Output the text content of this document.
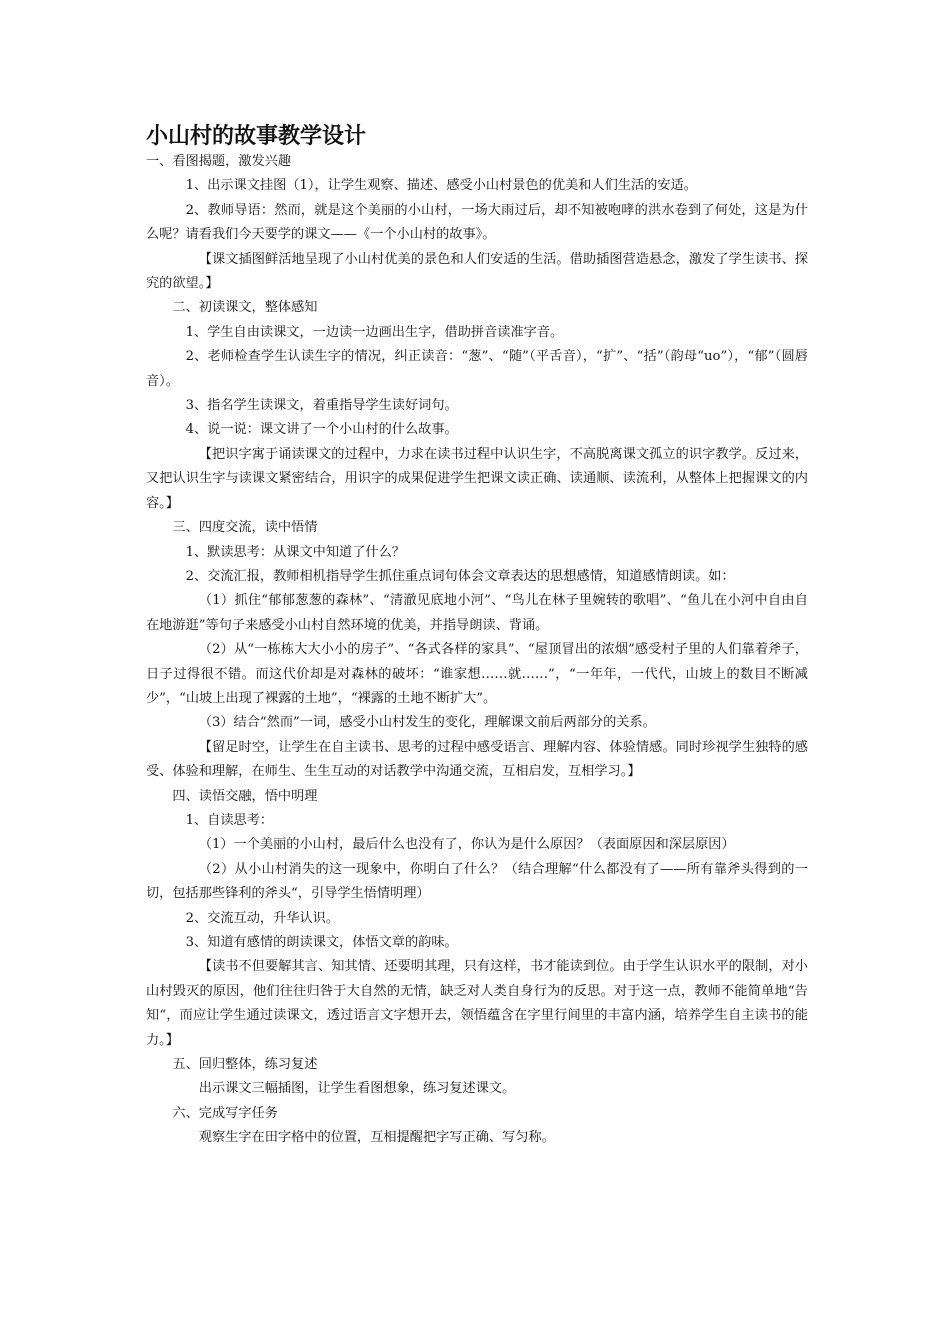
小山村的故事教学设计

一、看图揭题，激发兴趣

1、出示课文挂图（1），让学生观察、描述、感受小山村景色的优美和人们生活的安适。

2、教师导语：然而，就是这个美丽的小山村，一场大雨过后，却不知被咆哮的洪水卷到了何处，这是为什么呢？请看我们今天要学的课文——《一个小山村的故事》。

【课文插图鲜活地呈现了小山村优美的景色和人们安适的生活。借助插图营造悬念，激发了学生读书、探究的欲望。】

二、初读课文，整体感知

1、学生自由读课文，一边读一边画出生字，借助拼音读准字音。

2、老师检查学生认读生字的情况，纠正读音：“葱”、“随”（平舌音），“扩”、“括”（韵母“uo”），“郁”（圆唇音）。

3、指名学生读课文，着重指导学生读好词句。

4、说一说：课文讲了一个小山村的什么故事。

【把识字寓于诵读课文的过程中，力求在读书过程中认识生字，不高脱离课文孤立的识字教学。反过来，又把认识生字与读课文紧密结合，用识字的成果促进学生把课文读正确、读通顺、读流利，从整体上把握课文的内容。】

三、四度交流，读中悟情

1、默读思考：从课文中知道了什么？

2、交流汇报，教师相机指导学生抓住重点词句体会文章表达的思想感情，知道感情朗读。如：

（1）抓住“郁郁葱葱的森林”、“清澈见底地小河”、“鸟儿在林子里婉转的歌唱”、“鱼儿在小河中自由自在地游逛”等句子来感受小山村自然环境的优美，并指导朗读、背诵。

（2）从“一栋栋大大小小的房子”、“各式各样的家具”、“屋顶冒出的浓烟”感受村子里的人们靠着斧子，日子过得很不错。而这代价却是对森林的破坏：“谁家想……就……”，“一年年，一代代，山坡上的数目不断减少”，“山坡上出现了裸露的土地”，“裸露的土地不断扩大”。

（3）结合“然而”一词，感受小山村发生的变化，理解课文前后两部分的关系。

【留足时空，让学生在自主读书、思考的过程中感受语言、理解内容、体验情感。同时珍视学生独特的感受、体验和理解，在师生、生生互动的对话教学中沟通交流，互相启发，互相学习。】

四、读悟交融，悟中明理

1、自读思考：

（1）一个美丽的小山村，最后什么也没有了，你认为是什么原因？（表面原因和深层原因）

（2）从小山村消失的这一现象中，你明白了什么？（结合理解“什么都没有了——所有靠斧头得到的一切，包括那些锋利的斧头“，引导学生悟情明理）

2、交流互动，升华认识。

3、知道有感情的朗读课文，体悟文章的韵味。

【读书不但要解其言、知其情、还要明其理，只有这样，书才能读到位。由于学生认识水平的限制，对小山村毁灭的原因，他们往往归咎于大自然的无情，缺乏对人类自身行为的反思。对于这一点，教师不能简单地“告知“，而应让学生通过读课文，透过语言文字想开去，领悟蕴含在字里行间里的丰富内涵，培养学生自主读书的能力。】

五、回归整体，练习复述

出示课文三幅插图，让学生看图想象，练习复述课文。

六、完成写字任务

观察生字在田字格中的位置，互相提醒把字写正确、写匀称。
